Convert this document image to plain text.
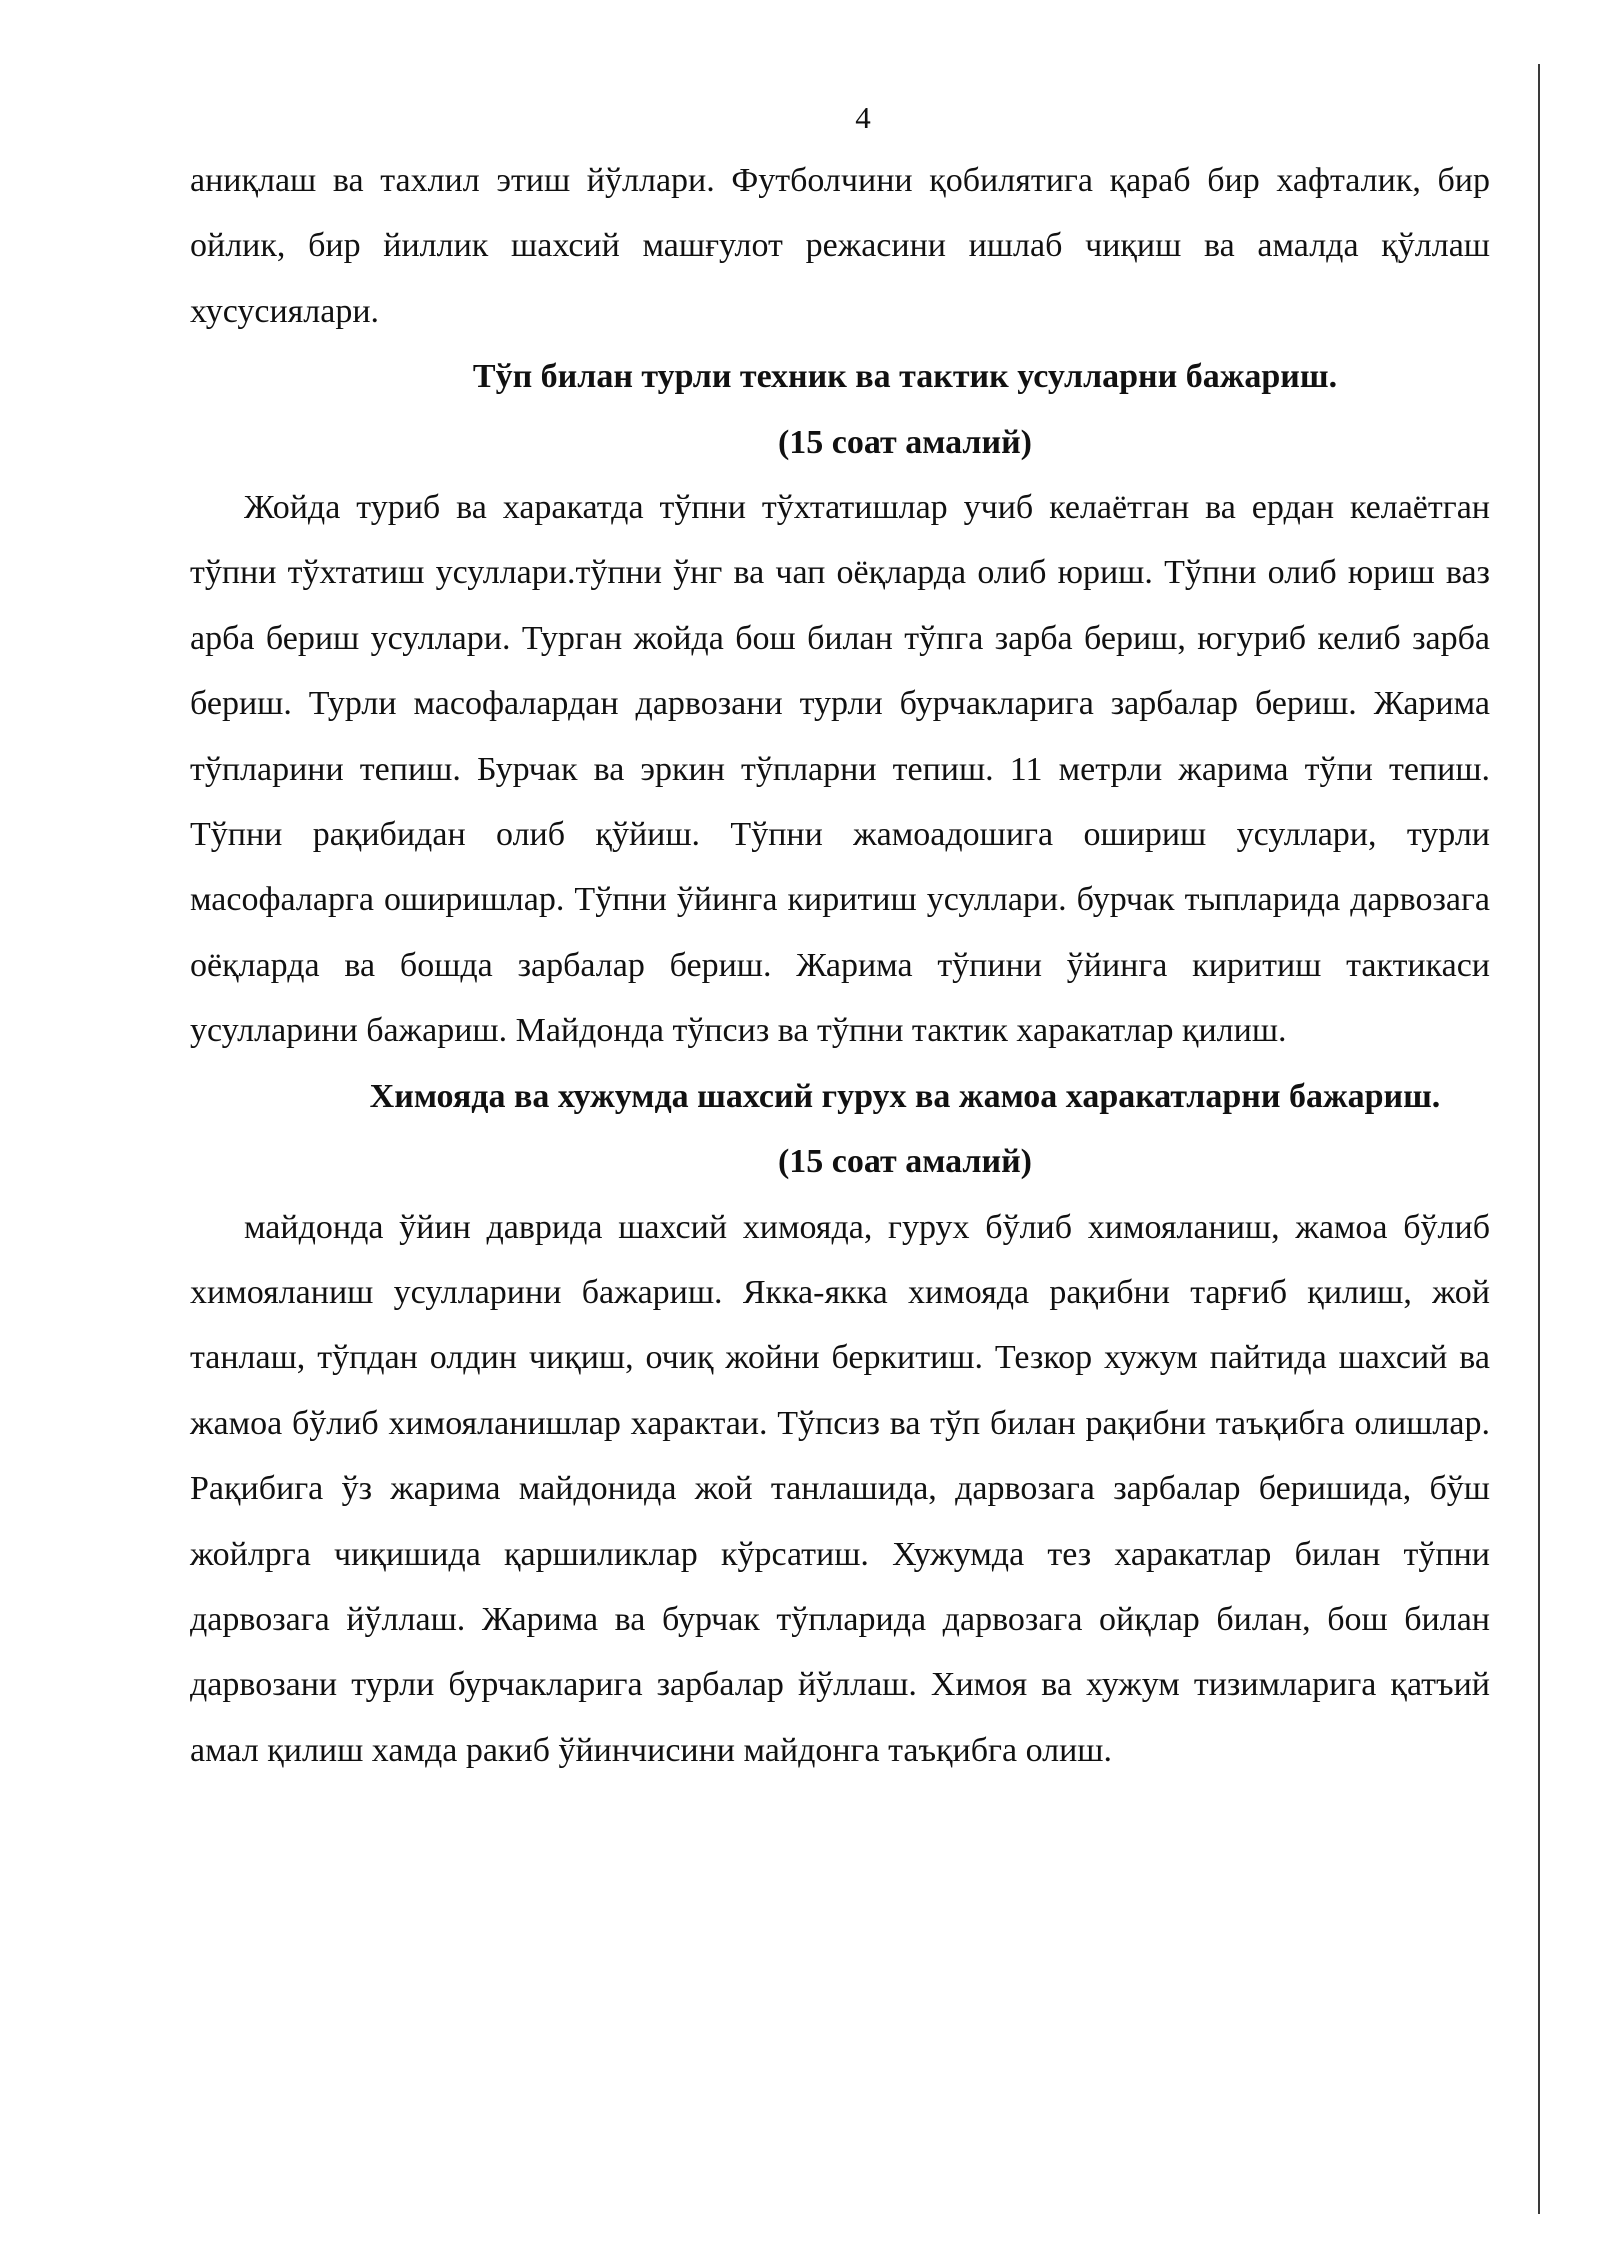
4

аниқлаш ва тахлил этиш йўллари. Футболчини қобилятига қараб бир хафталик, бир ойлик, бир йиллик шахсий машғулот режасини ишлаб чиқиш ва амалда қўллаш хусусиялари.

Тўп билан турли техник ва тактик усулларни бажариш.
(15 соат амалий)

Жойда туриб ва харакатда тўпни тўхтатишлар учиб келаётган ва ердан келаётган тўпни тўхтатиш усуллари.тўпни ўнг ва чап оёқларда олиб юриш. Тўпни олиб юриш ваз арба бериш усуллари. Турган жойда бош билан тўпга зарба бериш, югуриб келиб зарба бериш. Турли масофалардан дарвозани турли бурчакларига зарбалар бериш. Жарима тўпларини тепиш. Бурчак ва эркин тўпларни тепиш. 11 метрли жарима тўпи тепиш. Тўпни рақибидан олиб қўйиш. Тўпни жамоадошига ошириш усуллари, турли масофаларга оширишлар. Тўпни ўйинга киритиш усуллари. бурчак тыпларида дарвозага оёқларда ва бошда зарбалар бериш. Жарима тўпини ўйинга киритиш тактикаси усулларини бажариш. Майдонда тўпсиз ва тўпни тактик харакатлар қилиш.

Химояда ва хужумда шахсий гурух ва жамоа харакатларни бажариш.
(15 соат амалий)

майдонда ўйин даврида шахсий химояда, гурух бўлиб химояланиш, жамоа бўлиб химояланиш усулларини бажариш. Якка-якка химояда рақибни тарғиб қилиш, жой танлаш, тўпдан олдин чиқиш, очиқ жойни беркитиш. Тезкор хужум пайтида шахсий ва жамоа бўлиб химояланишлар характаи. Тўпсиз ва тўп билан рақибни таъқибга олишлар. Рақибига ўз жарима майдонида жой танлашида, дарвозага зарбалар беришида, бўш жойлрга чиқишида қаршиликлар кўрсатиш. Хужумда тез харакатлар билан тўпни дарвозага йўллаш. Жарима ва бурчак тўпларида дарвозага ойқлар билан, бош билан дарвозани турли бурчакларига зарбалар йўллаш. Химоя ва хужум тизимларига қатъий амал қилиш хамда ракиб ўйинчисини майдонга таъқибга олиш.
